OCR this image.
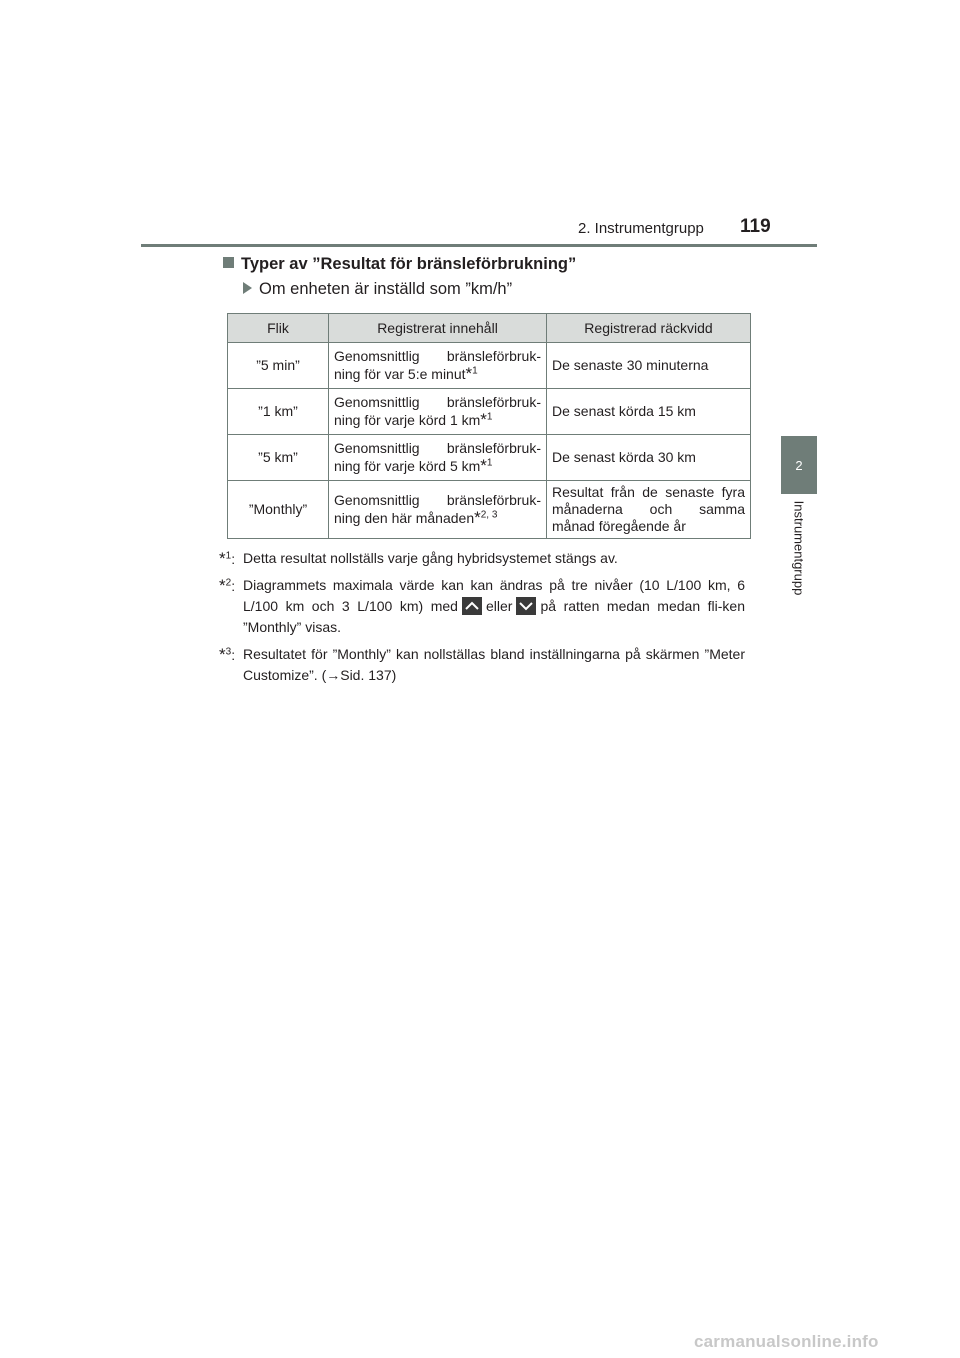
2. Instrumentgrupp 119
2
Instrumentgrupp
Typer av ”Resultat för bränsleförbrukning”
Om enheten är inställd som ”km/h”
Flik	Registrerat innehåll	Registrerad räckvidd
”5 min”	Genomsnittlig bränsleförbruk-ning för var 5:e minut*$^1$	De senaste 30 minuterna
”1 km”	Genomsnittlig bränsleförbruk-ning för varje körd 1 km*$^1$	De senast körda 15 km
”5 km”	Genomsnittlig bränsleförbruk-ning för varje körd 5 km*$^1$	De senast körda 30 km
”Monthly”	Genomsnittlig bränsleförbruk-ning den här månaden*$^{2, 3}$	Resultat från de senaste fyra månaderna och samma månad föregående år
*$^1$: Detta resultat nollställs varje gång hybridsystemet stängs av.
*$^2$: Diagrammets maximala värde kan kan ändras på tre nivåer (10 L/100 km, 6 L/100 km och 3 L/100 km) med eller på ratten medan medan fli-ken ”Monthly” visas.
*$^3$: Resultatet för ”Monthly” kan nollställas bland inställningarna på skärmen ”Meter Customize”. (→Sid. 137)
carmanualsonline.info
